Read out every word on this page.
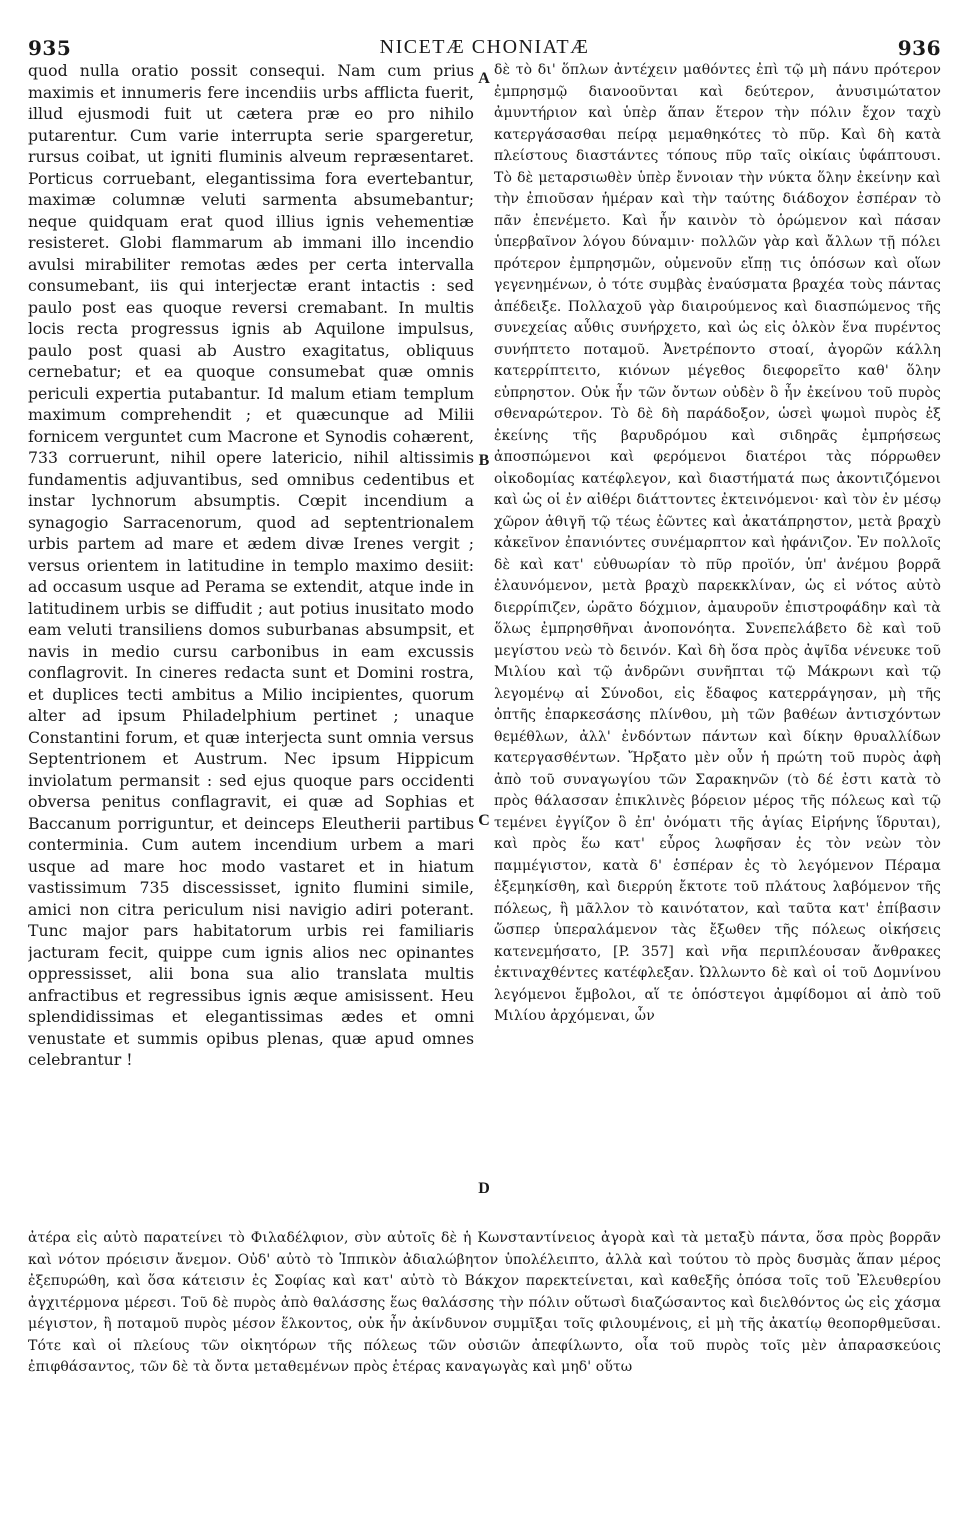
935	NICETÆ CHONIATÆ	936

quod nulla oratio possit consequi. Nam cum prius maximis et innumeris fere incendiis urbs afflicta fuerit, illud ejusmodi fuit ut cætera præ eo pro nihilo putarentur. Cum varie interrupta serie spargeretur, rursus coibat, ut igniti fluminis alveum repræsentaret. Porticus corruebant, elegantissima fora evertebantur, maximæ columnæ veluti sarmenta absumebantur; neque quidquam erat quod illius ignis vehementiæ resisteret. Globi flammarum ab immani illo incendio avulsi mirabiliter remotas ædes per certa intervalla consumebant, iis qui interjectæ erant intactis : sed paulo post eas quoque reversi cremabant. In multis locis recta progressus ignis ab Aquilone impulsus, paulo post quasi ab Austro exagitatus, obliquus cernebatur; et ea quoque consumebat quæ omnis periculi expertia putabantur. Id malum etiam templum maximum comprehendit ; et quæcunque ad Milii fornicem verguntet cum Macrone et Synodis cohærent, 733 corruerunt, nihil opere latericio, nihil altissimis fundamentis adjuvantibus, sed omnibus cedentibus et instar lychnorum absumptis. Cœpit incendium a synagogio Sarracenorum, quod ad septentrionalem urbis partem ad mare et ædem divæ Irenes vergit ; versus orientem in latitudine in templo maximo desiit: ad occasum usque ad Perama se extendit, atque inde in latitudinem urbis se diffudit ; aut potius inusitato modo eam veluti transiliens domos suburbanas absumpsit, et navis in medio cursu carbonibus in eam excussis conflagrovit. In cineres redacta sunt et Domini rostra, et duplices tecti ambitus a Milio incipientes, quorum alter ad ipsum Philadelphium pertinet ; unaque Constantini forum, et quæ interjecta sunt omnia versus Septentrionem et Austrum. Nec ipsum Hippicum inviolatum permansit : sed ejus quoque pars occidenti obversa penitus conflagravit, ei quæ ad Sophias et Baccanum porriguntur, et deinceps Eleutherii partibus conterminia. Cum autem incendium urbem a mari usque ad mare hoc modo vastaret et in hiatum vastissimum 735 discessisset, ignito flumini simile, amici non citra periculum nisi navigio adiri poterant. Tunc major pars habitatorum urbis rei familiaris jacturam fecit, quippe cum ignis alios nec opinantes oppressisset, alii bona sua alio translata multis anfractibus et regressibus ignis æque amisissent. Heu splendidissimas et elegantissimas ædes et omni venustate et summis opibus plenas, quæ apud omnes celebrantur !

δὲ τὸ δι' ὅπλων ἀντέχειν μαθόντες ἐπὶ τῷ μὴ πάνυ πρότερον ἐμπρησμῷ διανοοῦνται καὶ δεύτερον, ἀνυσιμώτατον ἀμυντήριον καὶ ὑπὲρ ἅπαν ἕτερον τὴν πόλιν ἔχον ταχὺ κατεργάσασθαι πείρᾳ μεμαθηκότες τὸ πῦρ. Καὶ δὴ κατὰ πλείστους διαστάντες τόπους πῦρ ταῖς οἰκίαις ὑφάπτουσι. Τὸ δὲ μεταρσιωθὲν ὑπὲρ ἔννοιαν τὴν νύκτα ὅλην ἐκείνην καὶ τὴν ἐπιοῦσαν ἡμέραν καὶ τὴν ταύτης διάδοχον ἐσπέραν τὸ πᾶν ἐπενέμετο. Καὶ ἦν καινὸν τὸ ὁρώμενον καὶ πάσαν ὑπερβαῖνον λόγου δύναμιν· πολλῶν γὰρ καὶ ἄλλων τῇ πόλει πρότερον ἐμπρησμῶν, οὐμενοῦν εἴπῃ τις ὁπόσων καὶ οἵων γεγενημένων, ὁ τότε συμβὰς ἐναύσματα βραχέα τοὺς πάντας ἀπέδειξε. Πολλαχοῦ γὰρ διαιρούμενος καὶ διασπώμενος τῆς συνεχείας αὖθις συνήρχετο, καὶ ὡς εἰς ὁλκὸν ἕνα πυρέντος συνήπτετο ποταμοῦ. Ἀνετρέποντο στοαί, ἀγορῶν κάλλη κατερρίπτειτο, κιόνων μέγεθος διεφορεῖτο καθ' ὅλην εὐπρηστον. Οὐκ ἦν τῶν ὄντων οὐδὲν ὃ ἦν ἐκείνου τοῦ πυρὸς σθεναρώτερον. Τὸ δὲ δὴ παράδοξον, ὡσεὶ ψωμοὶ πυρὸς ἐξ ἐκείνης τῆς βαρυδρόμου καὶ σιδηρᾶς ἐμπρήσεως ἀποσπώμενοι καὶ φερόμενοι διατέροι τὰς πόρρωθεν οἰκοδομίας κατέφλεγον, καὶ διαστήματά πως ἀκοντιζόμενοι καὶ ὡς οἱ ἐν αἰθέρι διάττοντες ἐκτεινόμενοι· καὶ τὸν ἐν μέσῳ χῶρον ἀθιγῆ τῷ τέως ἐῶντες καὶ ἀκατάπρηστον, μετὰ βραχὺ κἀκεῖνον ἐπανιόντες συνέμαρπτον καὶ ἠφάνιζον. Ἐν πολλοῖς δὲ καὶ κατ' εὐθυωρίαν τὸ πῦρ προϊόν, ὑπ' ἀνέμου βορρᾶ ἐλαυνόμενον, μετὰ βραχὺ παρεκκλίναν, ὡς εἰ νότος αὐτὸ διερρίπιζεν, ὡρᾶτο δόχμιον, ἀμαυροῦν ἐπιστροφάδην καὶ τὰ ὅλως ἐμπρησθῆναι ἀνοπονόητα. Συνεπελάβετο δὲ καὶ τοῦ μεγίστου νεὼ τὸ δεινόν. Καὶ δὴ ὅσα πρὸς ἀψῖδα νένευκε τοῦ Μιλίου καὶ τῷ ἀνδρῶνι συνῆπται τῷ Μάκρωνι καὶ τῷ λεγομένῳ αἱ Σύνοδοι, εἰς ἔδαφος κατερράγησαν, μὴ τῆς ὀπτῆς ἐπαρκεσάσης πλίνθου, μὴ τῶν βαθέων ἀντισχόντων θεμέθλων, ἀλλ' ἐνδόντων πάντων καὶ δίκην θρυαλλίδων κατεργασθέντων. Ἤρξατο μὲν οὖν ἡ πρώτη τοῦ πυρὸς ἀφὴ ἀπὸ τοῦ συναγωγίου τῶν Σαρακηνῶν (τὸ δέ ἐστι κατὰ τὸ πρὸς θάλασσαν ἐπικλινὲς βόρειον μέρος τῆς πόλεως καὶ τῷ τεμένει ἐγγίζον ὃ ἐπ' ὀνόματι τῆς ἁγίας Εἰρήνης ἵδρυται), καὶ πρὸς ἕω κατ' εὖρος λωφῆσαν ἐς τὸν νεὼν τὸν παμμέγιστον, κατὰ δ' ἑσπέραν ἐς τὸ λεγόμενον Πέραμα ἐξεμηκίσθη, καὶ διερρύη ἔκτοτε τοῦ πλάτους λαβόμενον τῆς πόλεως, ἢ μᾶλλον τὸ καινότατον, καὶ ταῦτα κατ' ἐπίβασιν ὥσπερ ὑπεραλάμενον τὰς ἔξωθεν τῆς πόλεως οἰκήσεις κατενεμήσατο, [P. 357] καὶ νῆα περιπλέουσαν ἄνθρακες ἐκτιναχθέντες κατέφλεξαν. Ὠλλωντο δὲ καὶ οἱ τοῦ Δομνίνου λεγόμενοι ἔμβολοι, αἵ τε ὁπόστεγοι ἀμφίδομοι αἱ ἀπὸ τοῦ Μιλίου ἀρχόμεναι, ὧν

A
B
C
D

ἀτέρα εἰς αὐτὸ παρατείνει τὸ Φιλαδέλφιον, σὺν αὐτοῖς δὲ ἡ Κωνσταντίνειος ἀγορὰ καὶ τὰ μεταξὺ πάντα, ὅσα πρὸς βορρᾶν καὶ νότον πρόεισιν ἄνεμον. Οὐδ' αὐτὸ τὸ Ἱππικὸν ἀδιαλώβητον ὑπολέλειπτο, ἀλλὰ καὶ τούτου τὸ πρὸς δυσμὰς ἅπαν μέρος ἐξεπυρώθη, καὶ ὅσα κάτεισιν ἐς Σοφίας καὶ κατ' αὐτὸ τὸ Βάκχον παρεκτείνεται, καὶ καθεξῆς ὁπόσα τοῖς τοῦ Ἐλευθερίου ἀγχιτέρμονα μέρεσι. Τοῦ δὲ πυρὸς ἀπὸ θαλάσσης ἕως θαλάσσης τὴν πόλιν οὕτωσὶ διαζώσαντος καὶ διελθόντος ὡς εἰς χάσμα μέγιστον, ἢ ποταμοῦ πυρὸς μέσον ἕλκοντος, οὐκ ἦν ἀκίνδυνον συμμῖξαι τοῖς φιλουμένοις, εἰ μὴ τῆς ἀκατίῳ θεοπορθμεῦσαι. Τότε καὶ οἱ πλείους τῶν οἰκητόρων τῆς πόλεως τῶν οὐσιῶν ἀπεφίλωντο, οἷα τοῦ πυρὸς τοῖς μὲν ἀπαρασκεύοις ἐπιφθάσαντος, τῶν δὲ τὰ ὄντα μεταθεμένων πρὸς ἑτέρας καναγωγὰς καὶ μηδ' οὕτω
